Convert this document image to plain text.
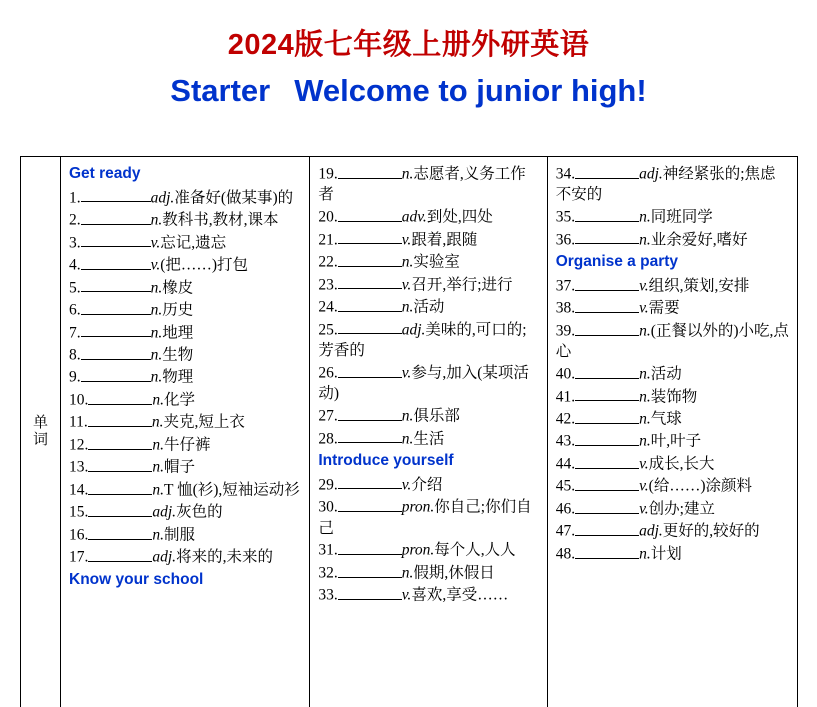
2024版七年级上册外研英语
Starter Welcome to junior high!
单词
Get ready
1.	adj.准备好(做某事)的
2.	n.教科书,教材,课本
3.	v.忘记,遗忘
4.	v.(把……)打包
5.	n.橡皮
6.	n.历史
7.	n.地理
8.	n.生物
9.	n.物理
10.	n.化学
11.	n.夹克,短上衣
12.	n.牛仔裤
13.	n.帽子
14.	n.T 恤(衫),短袖运动衫
15.	adj.灰色的
16.	n.制服
17.	adj.将来的,未来的
Know your school
19.	n.志愿者,义务工作者
20.	adv.到处,四处
21.	v.跟着,跟随
22.	n.实验室
23.	v.召开,举行;进行
24.	n.活动
25.	adj.美味的,可口的;芳香的
26.	v.参与,加入(某项活动)
27.	n.俱乐部
28.	n.生活
Introduce yourself
29.	v.介绍
30.	pron.你自己;你们自己
31.	pron.每个人,人人
32.	n.假期,休假日
33.	v.喜欢,享受……
34.	adj.神经紧张的;焦虑不安的
35.	n.同班同学
36.	n.业余爱好,嗜好
Organise a party
37.	v.组织,策划,安排
38.	v.需要
39.	n.(正餐以外的)小吃,点心
40.	n.活动
41.	n.装饰物
42.	n.气球
43.	n.叶,叶子
44.	v.成长,长大
45.	v.(给……)涂颜料
46.	v.创办;建立
47.	adj.更好的,较好的
48.	n.计划
